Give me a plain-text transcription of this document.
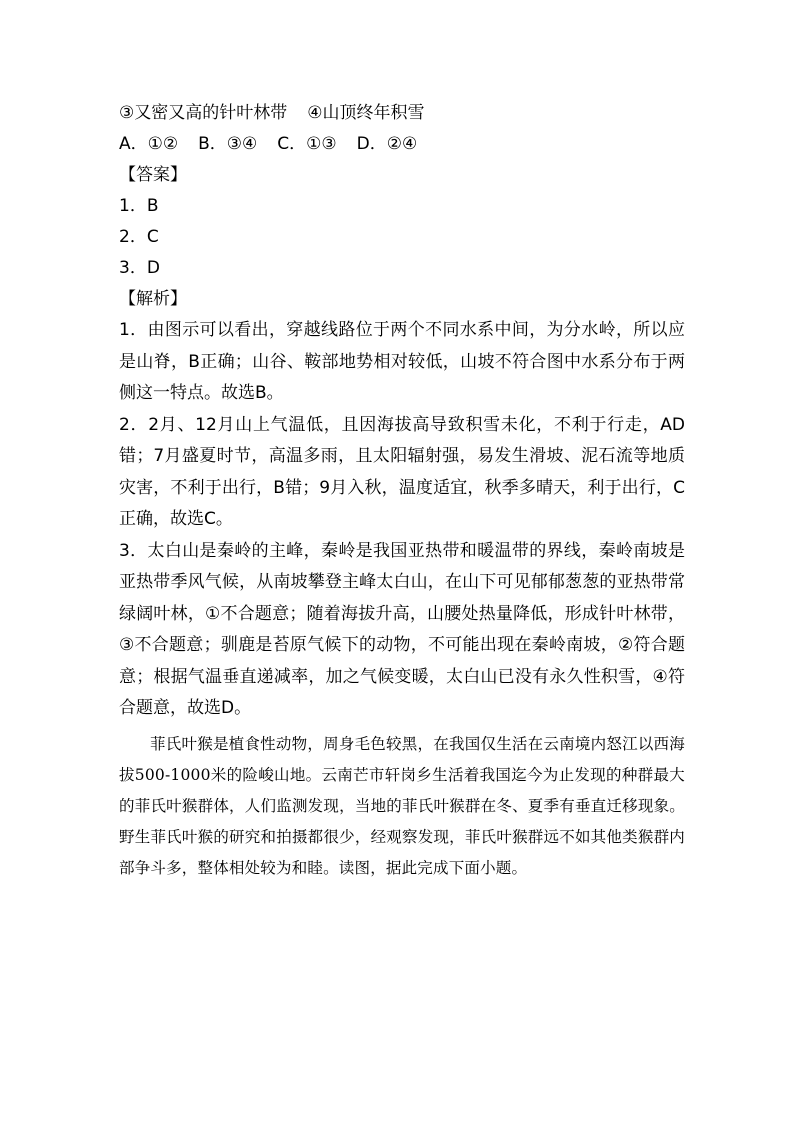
③又密又高的针叶林带 ④山顶终年积雪
A．①② B．③④ C．①③ D．②④
【答案】
1．B
2．C
3．D
【解析】

1．由图示可以看出，穿越线路位于两个不同水系中间，为分水岭，所以应是山脊，B正确；山谷、鞍部地势相对较低，山坡不符合图中水系分布于两侧这一特点。故选B。

2．2月、12月山上气温低，且因海拔高导致积雪未化，不利于行走，AD错；7月盛夏时节，高温多雨，且太阳辐射强，易发生滑坡、泥石流等地质灾害，不利于出行，B错；9月入秋，温度适宜，秋季多晴天，利于出行，C正确，故选C。

3．太白山是秦岭的主峰，秦岭是我国亚热带和暖温带的界线，秦岭南坡是亚热带季风气候，从南坡攀登主峰太白山，在山下可见郁郁葱葱的亚热带常绿阔叶林，①不合题意；随着海拔升高，山腰处热量降低，形成针叶林带，③不合题意；驯鹿是苔原气候下的动物，不可能出现在秦岭南坡，②符合题意；根据气温垂直递减率，加之气候变暖，太白山已没有永久性积雪，④符合题意，故选D。

菲氏叶猴是植食性动物，周身毛色较黑，在我国仅生活在云南境内怒江以西海拔500-1000米的险峻山地。云南芒市轩岗乡生活着我国迄今为止发现的种群最大的菲氏叶猴群体，人们监测发现，当地的菲氏叶猴群在冬、夏季有垂直迁移现象。野生菲氏叶猴的研究和拍摄都很少，经观察发现，菲氏叶猴群远不如其他类猴群内部争斗多，整体相处较为和睦。读图，据此完成下面小题。
